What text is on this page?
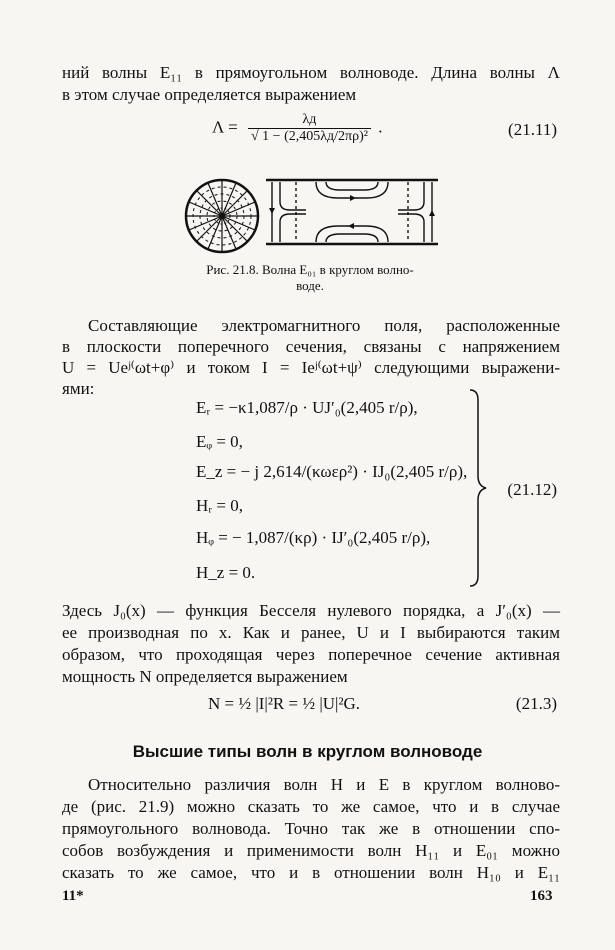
ний волны E₁₁ в прямоугольном волноводе. Длина волны Λ
в этом случае определяется выражением
$\Lambda = \frac{\lambda д}{\text{√ 1 − (2,405λд/2πρ)²}}$ .	(21.11)
Рис. 21.8. Волна E₀₁ в круглом волно-
воде.
Составляющие электромагнитного поля, расположенные
в плоскости поперечного сечения, связаны с напряжением
U = Ueʲ⁽ωt+φ⁾ и током I = Ieʲ⁽ωt+ψ⁾ следующими выражени-
ями:
Eᵣ = −κ1,087/ρ · UJ′₀(2,405 r/ρ),
Eᵩ = 0,
E_z = − j 2,614/(κωερ²) · IJ₀(2,405 r/ρ),
Hᵣ = 0,
Hᵩ = − 1,087/(κρ) · IJ′₀(2,405 r/ρ),
H_z = 0.
(21.12)
Здесь J₀(x) — функция Бесселя нулевого порядка, а J′₀(x) —
ее производная по x. Как и ранее, U и I выбираются таким
образом, что проходящая через поперечное сечение активная
мощность N определяется выражением
N = ½ |I|²R = ½ |U|²G.	(21.3)
Высшие типы волн в круглом волноводе
Относительно различия волн H и E в круглом волново-
де (рис. 21.9) можно сказать то же самое, что и в случае
прямоугольного волновода. Точно так же в отношении спо-
собов возбуждения и применимости волн H₁₁ и E₀₁ можно
сказать то же самое, что и в отношении волн H₁₀ и E₁₁
11*	163
